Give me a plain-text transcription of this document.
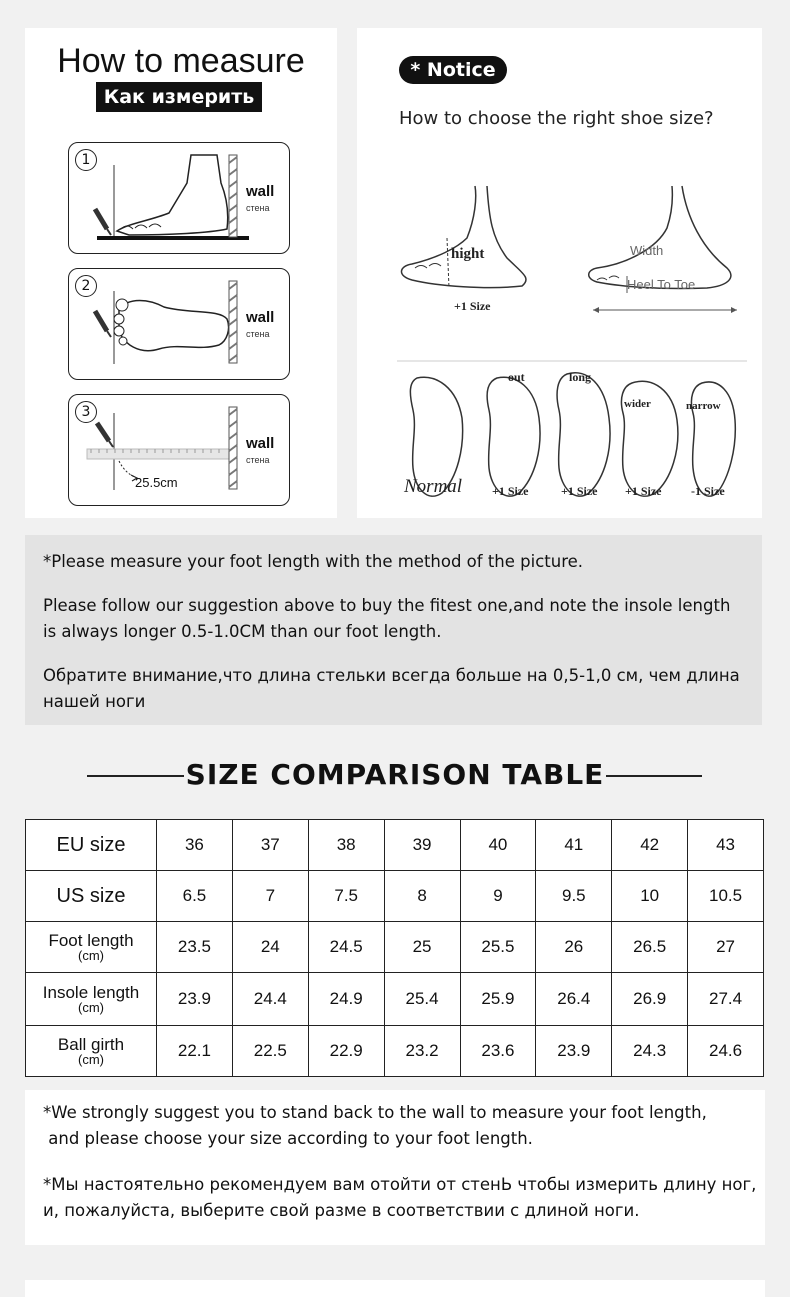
How to measure
Как измерить
1
wall
стена
2
wall
стена
3
25.5cm
wall
стена
* Notice
How to choose the right shoe size?
hight	Width
Heel To Toe
+1 Size
out	long
wider	narrow
Normal +1 Size	+1 Size +1 Size -1 Size

*Please measure your foot length with the method of the picture.

Please follow our suggestion above to buy the fitest one,and note the insole length

is always longer 0.5-1.0CM than our foot length.

Обратите внимание,что длина стельки всегда больше на 0,5-1,0 см, чем длина

нашей ноги

SIZE COMPARISON TABLE
EU size	36	37	38	39	40	41	42	43
US size	6.5	7	7.5	8	9	9.5	10	10.5
Foot length
(cm)	23.5	24	24.5	25	25.5	26	26.5	27
Insole length
(cm)	23.9	24.4	24.9	25.4	25.9	26.4	26.9	27.4
Ball girth
(cm)	22.1	22.5	22.9	23.2	23.6	23.9	24.3	24.6

*We strongly suggest you to stand back to the wall to measure your foot length,

and please choose your size according to your foot length.

*Мы настоятельно рекомендуем вам отойти от стенЬ чтобы измерить длину ног,

и, пожалуйста, выберите свой разме в соответствии с длиной ноги.
